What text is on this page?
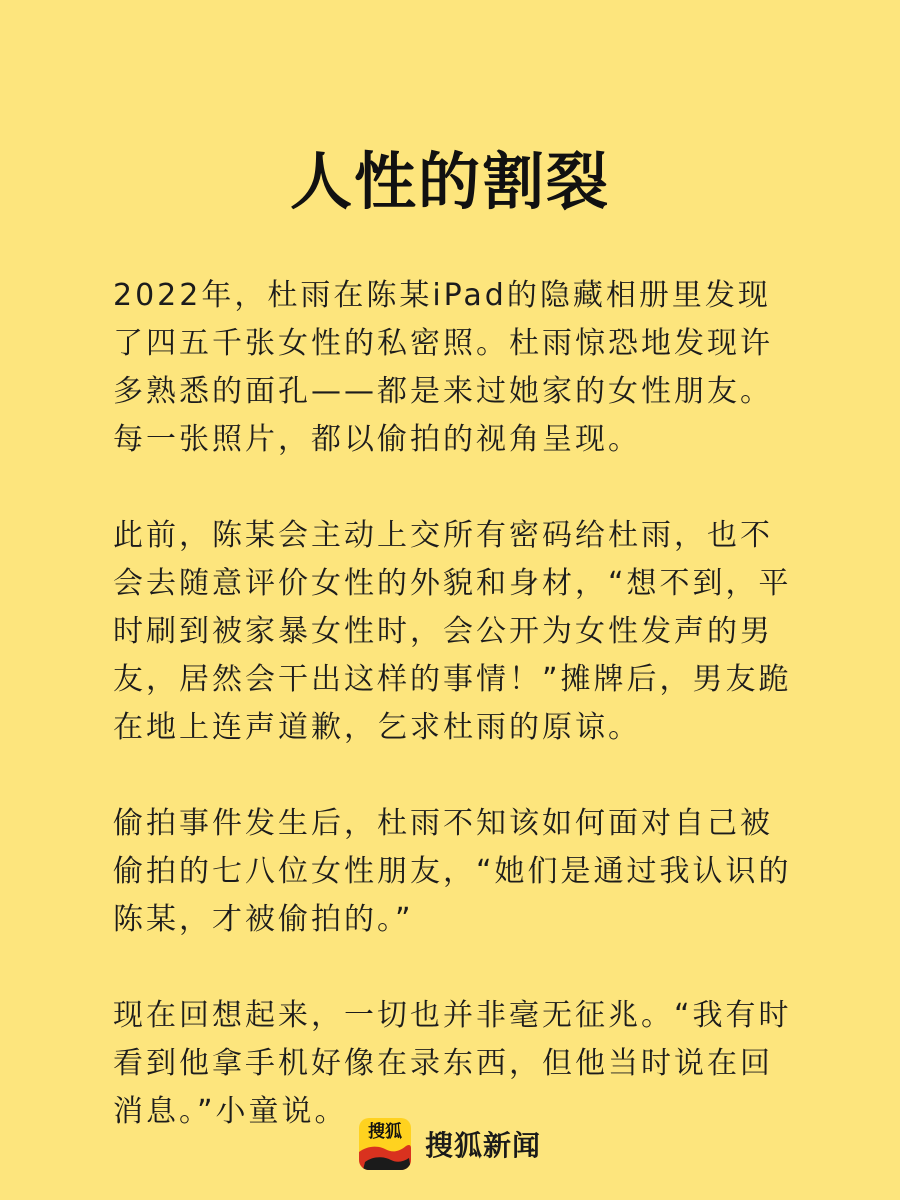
人性的割裂

2022年，杜雨在陈某iPad的隐藏相册里发现了四五千张女性的私密照。杜雨惊恐地发现许多熟悉的面孔——都是来过她家的女性朋友。每一张照片，都以偷拍的视角呈现。

此前，陈某会主动上交所有密码给杜雨，也不会去随意评价女性的外貌和身材，“想不到，平时刷到被家暴女性时，会公开为女性发声的男友，居然会干出这样的事情！”摊牌后，男友跪在地上连声道歉，乞求杜雨的原谅。

偷拍事件发生后，杜雨不知该如何面对自己被偷拍的七八位女性朋友，“她们是通过我认识的陈某，才被偷拍的。”

现在回想起来，一切也并非毫无征兆。“我有时看到他拿手机好像在录东西，但他当时说在回消息。”小童说。

搜狐 搜狐新闻
